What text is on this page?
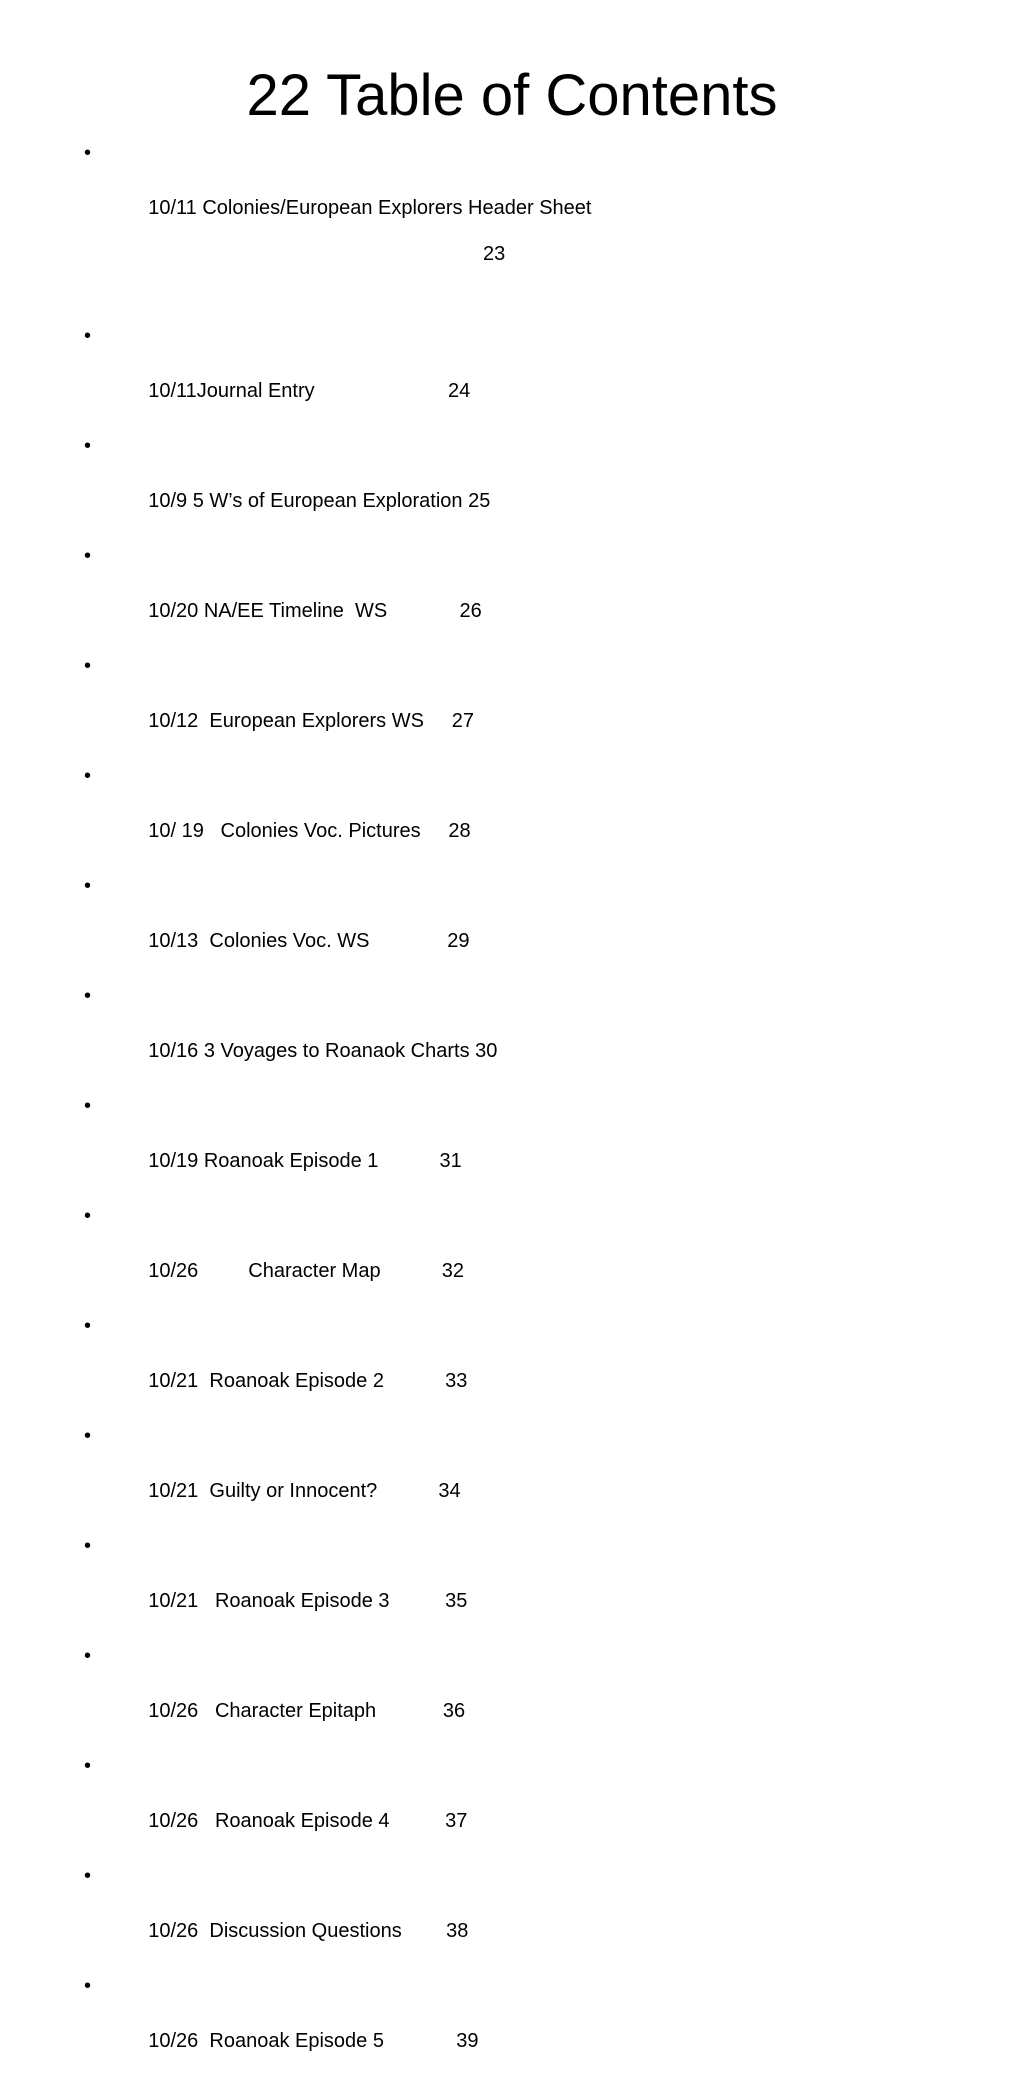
22 Table of Contents

•

10/11 Colonies/European Explorers Header Sheet

23

•

10/11Journal Entry	24

•

10/9 5 W’s of European Exploration 25

•

10/20 NA/EE Timeline  WS	26

•

10/12  European Explorers WS 27

•

10/ 19   Colonies Voc. Pictures 28

•

10/13  Colonies Voc. WS	29

•

10/16 3 Voyages to Roanaok Charts 30

•

10/19 Roanoak Episode 1	31

•

10/26         Character Map	32

•

10/21  Roanoak Episode 2	33

•

10/21  Guilty or Innocent?	34

•

10/21   Roanoak Episode 3	35

•

10/26   Character Epitaph	36

•

10/26   Roanoak Episode 4	37

•

10/26  Discussion Questions 38

•

10/26  Roanoak Episode 5	39
